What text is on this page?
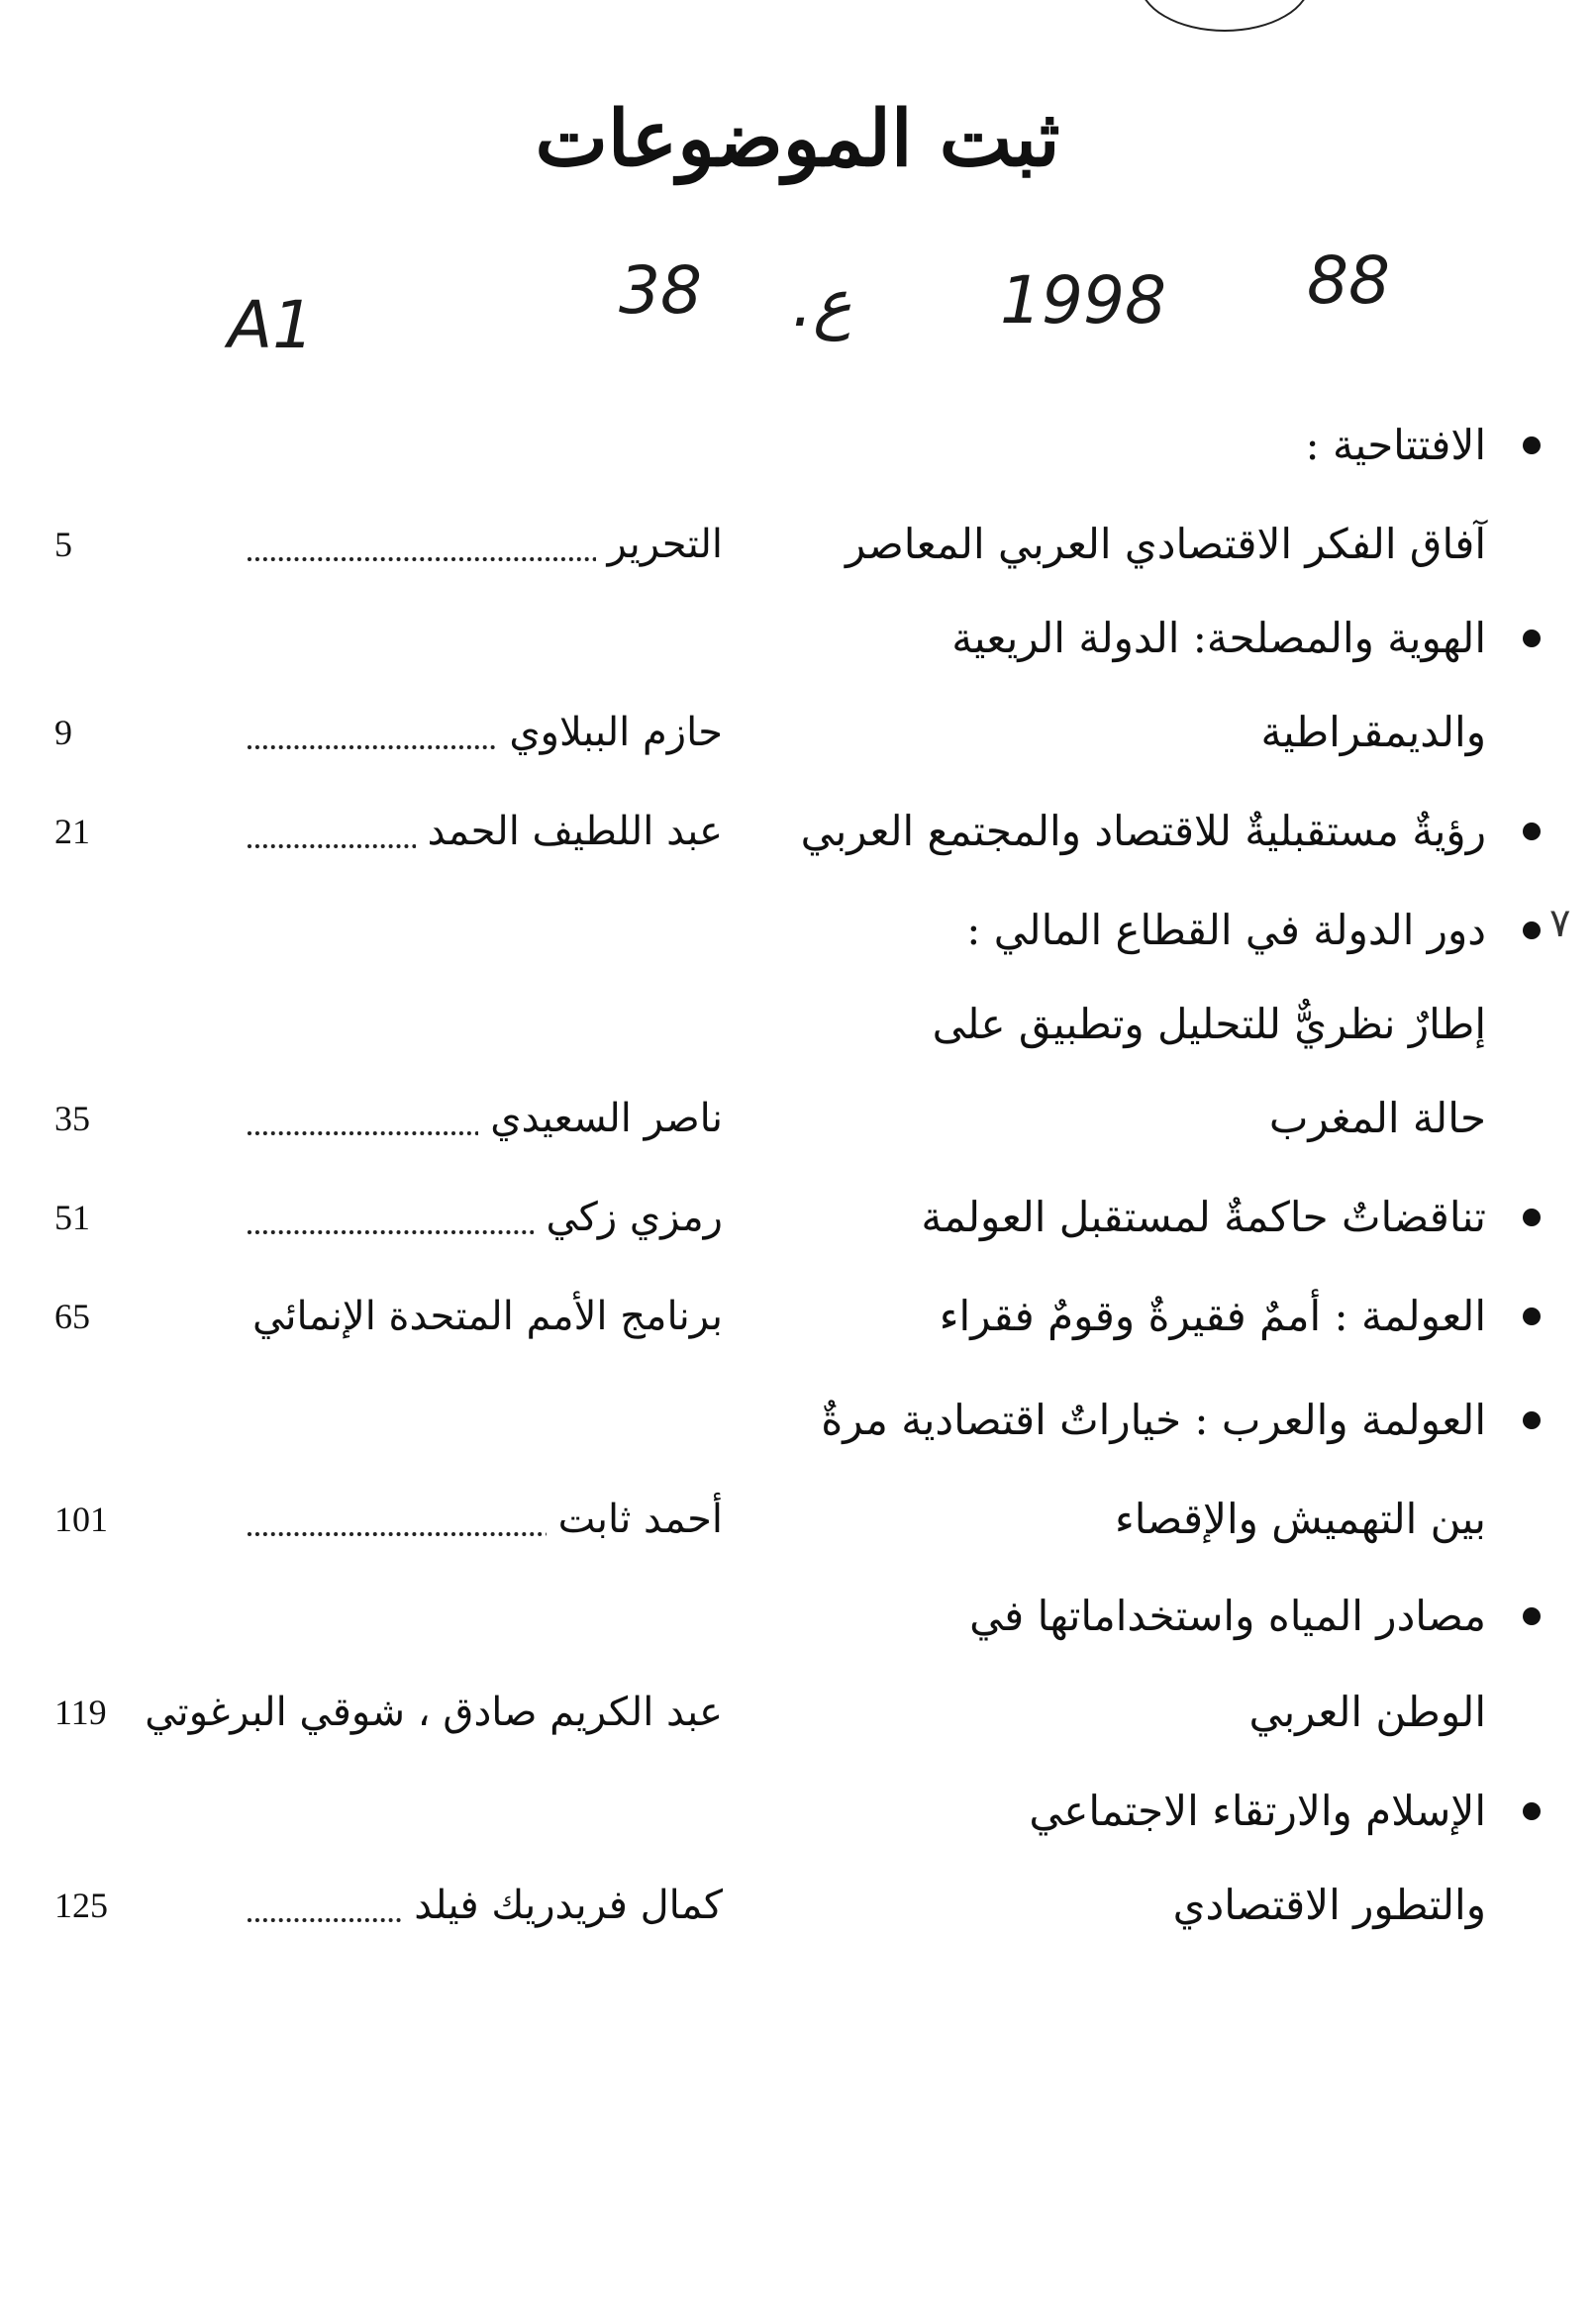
ثبت الموضوعات
A1	38 .ع 1998 88
٧
الافتتاحية :
آفاق الفكر الاقتصادي العربي المعاصر
التحرير
5
الهوية والمصلحة: الدولة الريعية
والديمقراطية
حازم الببلاوي
9
رؤيةٌ مستقبليةٌ للاقتصاد والمجتمع العربي
عبد اللطيف الحمد
21
دور الدولة في القطاع المالي :
إطارٌ نظريٌّ للتحليل وتطبيق على
حالة المغرب
ناصر السعيدي
35
تناقضاتٌ حاكمةٌ لمستقبل العولمة
رمزي زكي
51
العولمة : أممٌ فقيرةٌ وقومٌ فقراء
برنامج الأمم المتحدة الإنمائي
65
العولمة والعرب : خياراتٌ اقتصادية مرةٌ
بين التهميش والإقصاء
أحمد ثابت
101
مصادر المياه واستخداماتها في
الوطن العربي
عبد الكريم صادق ، شوقي البرغوتي
119
الإسلام والارتقاء الاجتماعي
والتطور الاقتصادي
كمال فريدريك فيلد
125
